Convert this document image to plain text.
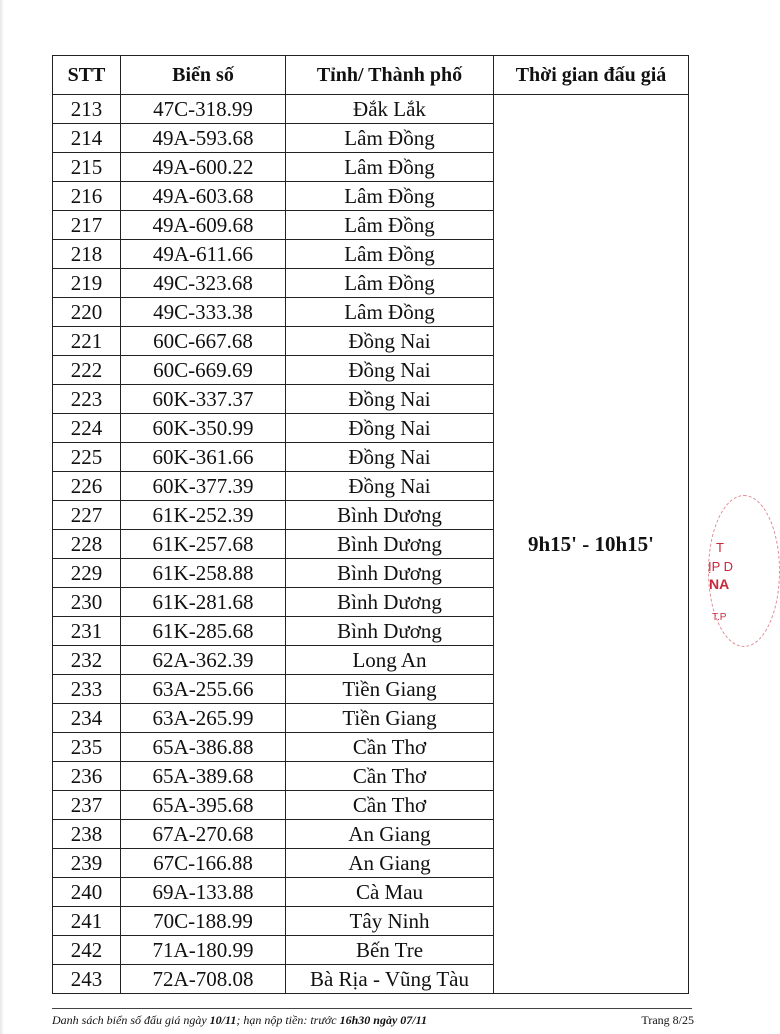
STT	Biển số	Tỉnh/ Thành phố	Thời gian đấu giá
213	47C-318.99	Đắk Lắk	9h15' - 10h15'
214	49A-593.68	Lâm Đồng	
215	49A-600.22	Lâm Đồng	
216	49A-603.68	Lâm Đồng	
217	49A-609.68	Lâm Đồng	
218	49A-611.66	Lâm Đồng	
219	49C-323.68	Lâm Đồng	
220	49C-333.38	Lâm Đồng	
221	60C-667.68	Đồng Nai	
222	60C-669.69	Đồng Nai	
223	60K-337.37	Đồng Nai	
224	60K-350.99	Đồng Nai	
225	60K-361.66	Đồng Nai	
226	60K-377.39	Đồng Nai	
227	61K-252.39	Bình Dương	
228	61K-257.68	Bình Dương	
229	61K-258.88	Bình Dương	
230	61K-281.68	Bình Dương	
231	61K-285.68	Bình Dương	
232	62A-362.39	Long An	
233	63A-255.66	Tiền Giang	
234	63A-265.99	Tiền Giang	
235	65A-386.88	Cần Thơ	
236	65A-389.68	Cần Thơ	
237	65A-395.68	Cần Thơ	
238	67A-270.68	An Giang	
239	67C-166.88	An Giang	
240	69A-133.88	Cà Mau	
241	70C-188.99	Tây Ninh	
242	71A-180.99	Bến Tre	
243	72A-708.08	Bà Rịa - Vũng Tàu	
Danh sách biển số đấu giá ngày 10/11; hạn nộp tiền: trước 16h30 ngày 07/11	Trang 8/25
T
ỊP D
NA
T.P
